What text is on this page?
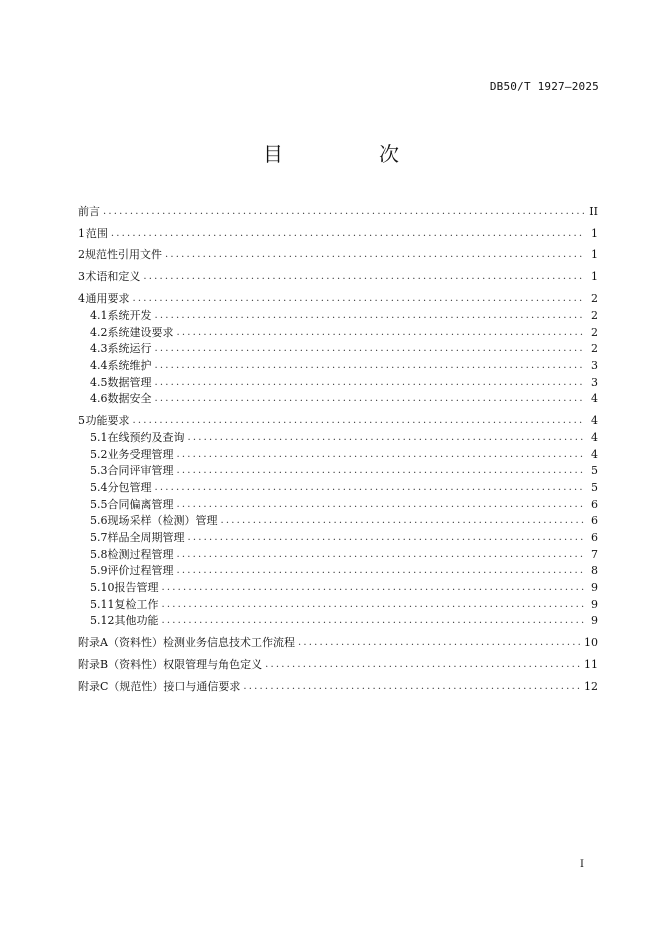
DB50/T 1927—2025
目　次
前言 .....	II
1 范围 .....	1
2 规范性引用文件 .....	1
3 术语和定义 .....	1
4 通用要求 .....	2
4.1 系统开发 .....	2
4.2 系统建设要求 .....	2
4.3 系统运行 .....	2
4.4 系统维护 .....	3
4.5 数据管理 .....	3
4.6 数据安全 .....	4
5 功能要求 .....	4
5.1 在线预约及查询 .....	4
5.2 业务受理管理 .....	4
5.3 合同评审管理 .....	5
5.4 分包管理 .....	5
5.5 合同偏离管理 .....	6
5.6 现场采样（检测）管理 .....	6
5.7 样品全周期管理 .....	6
5.8 检测过程管理 .....	7
5.9 评价过程管理 .....	8
5.10 报告管理 .....	9
5.11 复检工作 .....	9
5.12 其他功能 .....	9
附录A（资料性） 检测业务信息技术工作流程 .....	10
附录B（资料性） 权限管理与角色定义 .....	11
附录C（规范性） 接口与通信要求 .....	12
I
